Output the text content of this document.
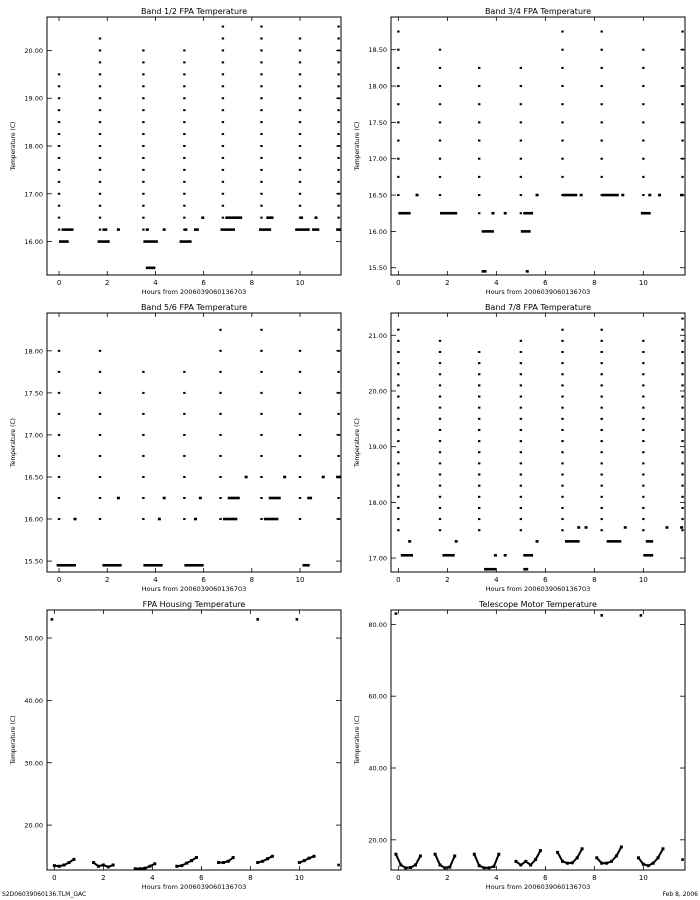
Band 1/2 FPA Temperature
Hours from 2006039060136703
Temperature (C)
0	2	4	6	8	10
16.00
17.00
18.00
19.00
20.00
Band 3/4 FPA Temperature
Hours from 2006039060136703
Temperature (C)
0	2	4	6	8	10
15.50
16.00
16.50
17.00
17.50
18.00
18.50
Band 5/6 FPA Temperature
Hours from 2006039060136703
Temperature (C)
0	2	4	6	8	10
15.50
16.00
16.50
17.00
17.50
18.00
Band 7/8 FPA Temperature
Hours from 2006039060136703
Temperature (C)
0	2	4	6	8	10
17.00
18.00
19.00
20.00
21.00
FPA Housing Temperature
Hours from 2006039060136703
Temperature (C)
0	2	4	6	8	10
20.00
30.00
40.00
50.00
Telescope Motor Temperature
Hours from 2006039060136703
Temperature (C)
0	2	4	6	8	10
20.00
40.00
60.00
80.00
S2D06039060136.TLM_GAC	Feb 8, 2006
